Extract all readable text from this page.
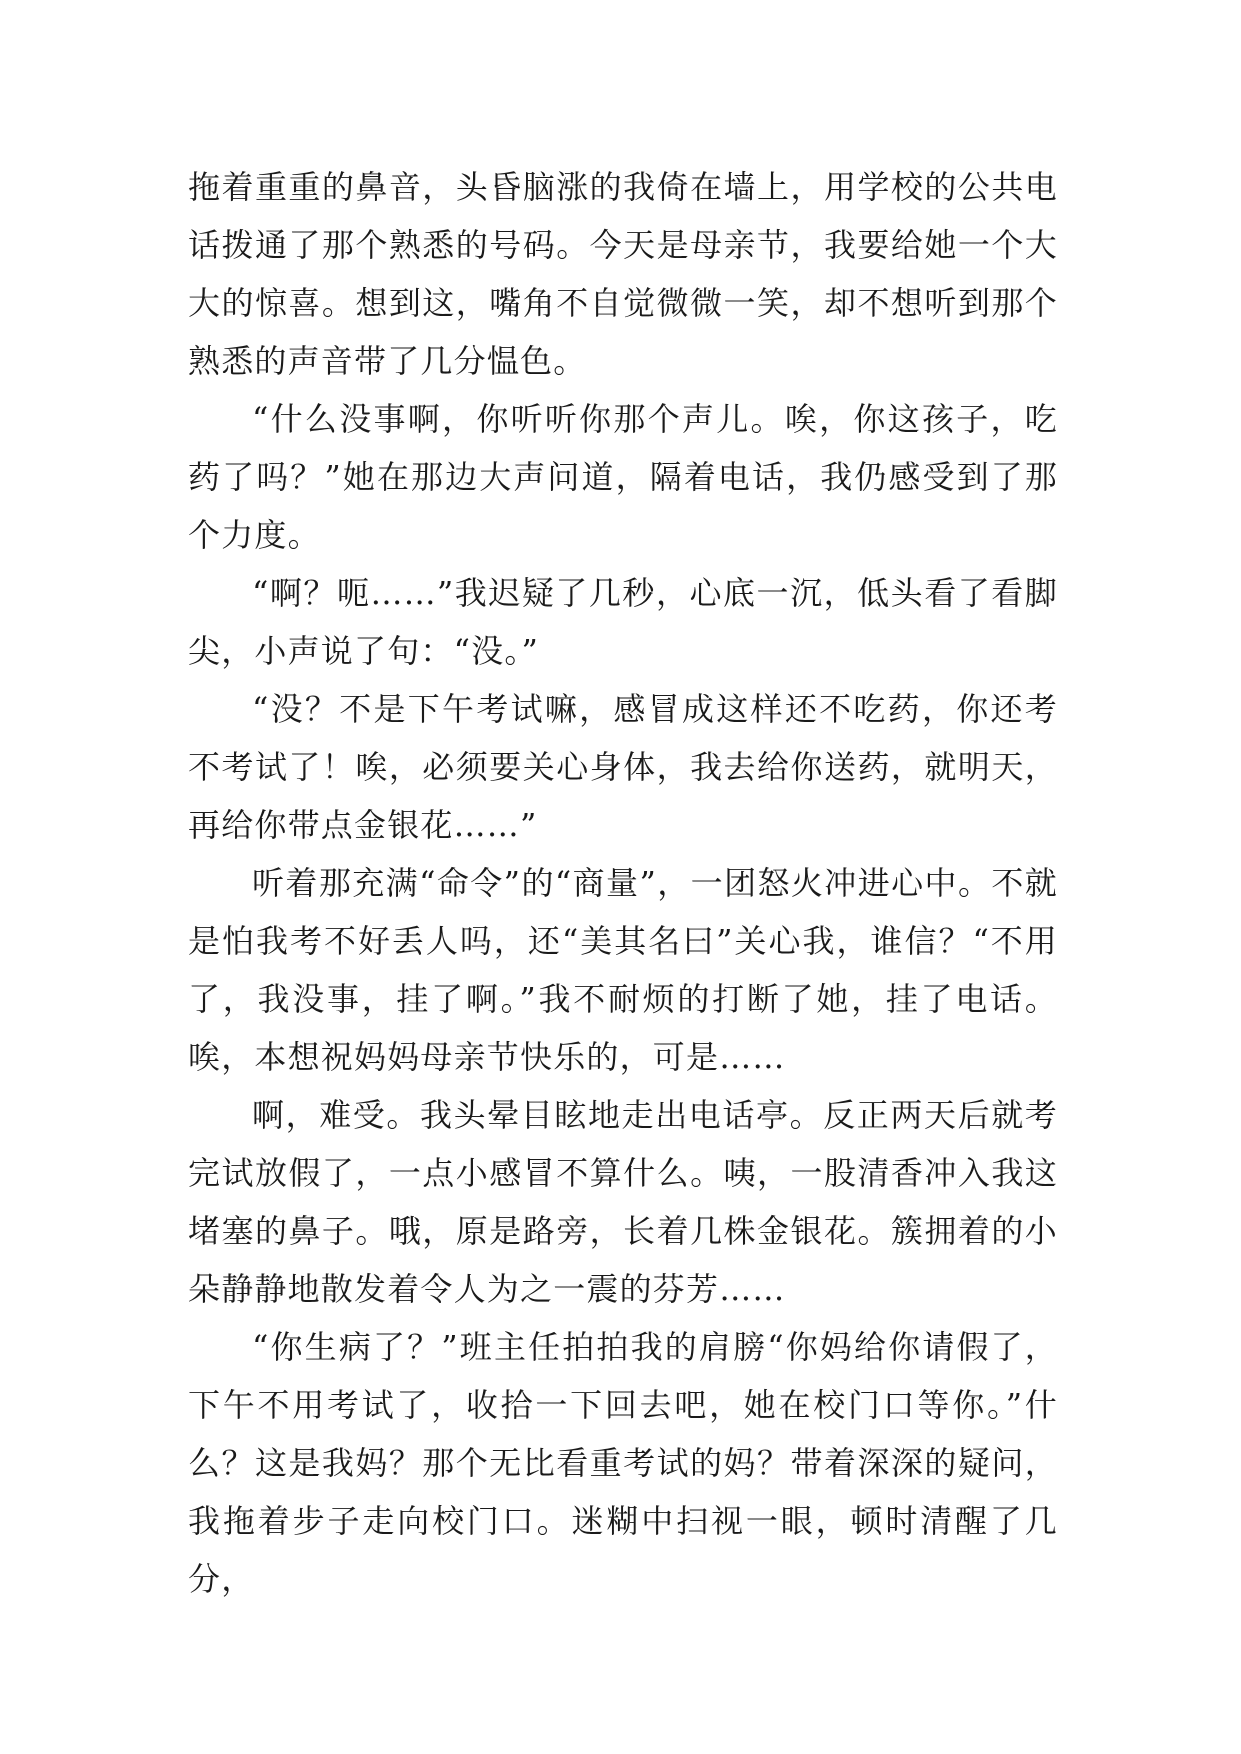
拖着重重的鼻音，头昏脑涨的我倚在墙上，用学校的公共电话拨通了那个熟悉的号码。今天是母亲节，我要给她一个大大的惊喜。想到这，嘴角不自觉微微一笑，却不想听到那个熟悉的声音带了几分愠色。

“什么没事啊，你听听你那个声儿。唉，你这孩子，吃药了吗？”她在那边大声问道，隔着电话，我仍感受到了那个力度。

“啊？呃……”我迟疑了几秒，心底一沉，低头看了看脚尖，小声说了句：“没。”

“没？不是下午考试嘛，感冒成这样还不吃药，你还考不考试了！唉，必须要关心身体，我去给你送药，就明天，再给你带点金银花……”

听着那充满“命令”的“商量”，一团怒火冲进心中。不就是怕我考不好丢人吗，还“美其名曰”关心我，谁信？“不用了，我没事，挂了啊。”我不耐烦的打断了她，挂了电话。唉，本想祝妈妈母亲节快乐的，可是……

啊，难受。我头晕目眩地走出电话亭。反正两天后就考完试放假了，一点小感冒不算什么。咦，一股清香冲入我这堵塞的鼻子。哦，原是路旁，长着几株金银花。簇拥着的小朵静静地散发着令人为之一震的芬芳……

“你生病了？”班主任拍拍我的肩膀“你妈给你请假了，下午不用考试了，收拾一下回去吧，她在校门口等你。”什么？这是我妈？那个无比看重考试的妈？带着深深的疑问，我拖着步子走向校门口。迷糊中扫视一眼，顿时清醒了几分，
